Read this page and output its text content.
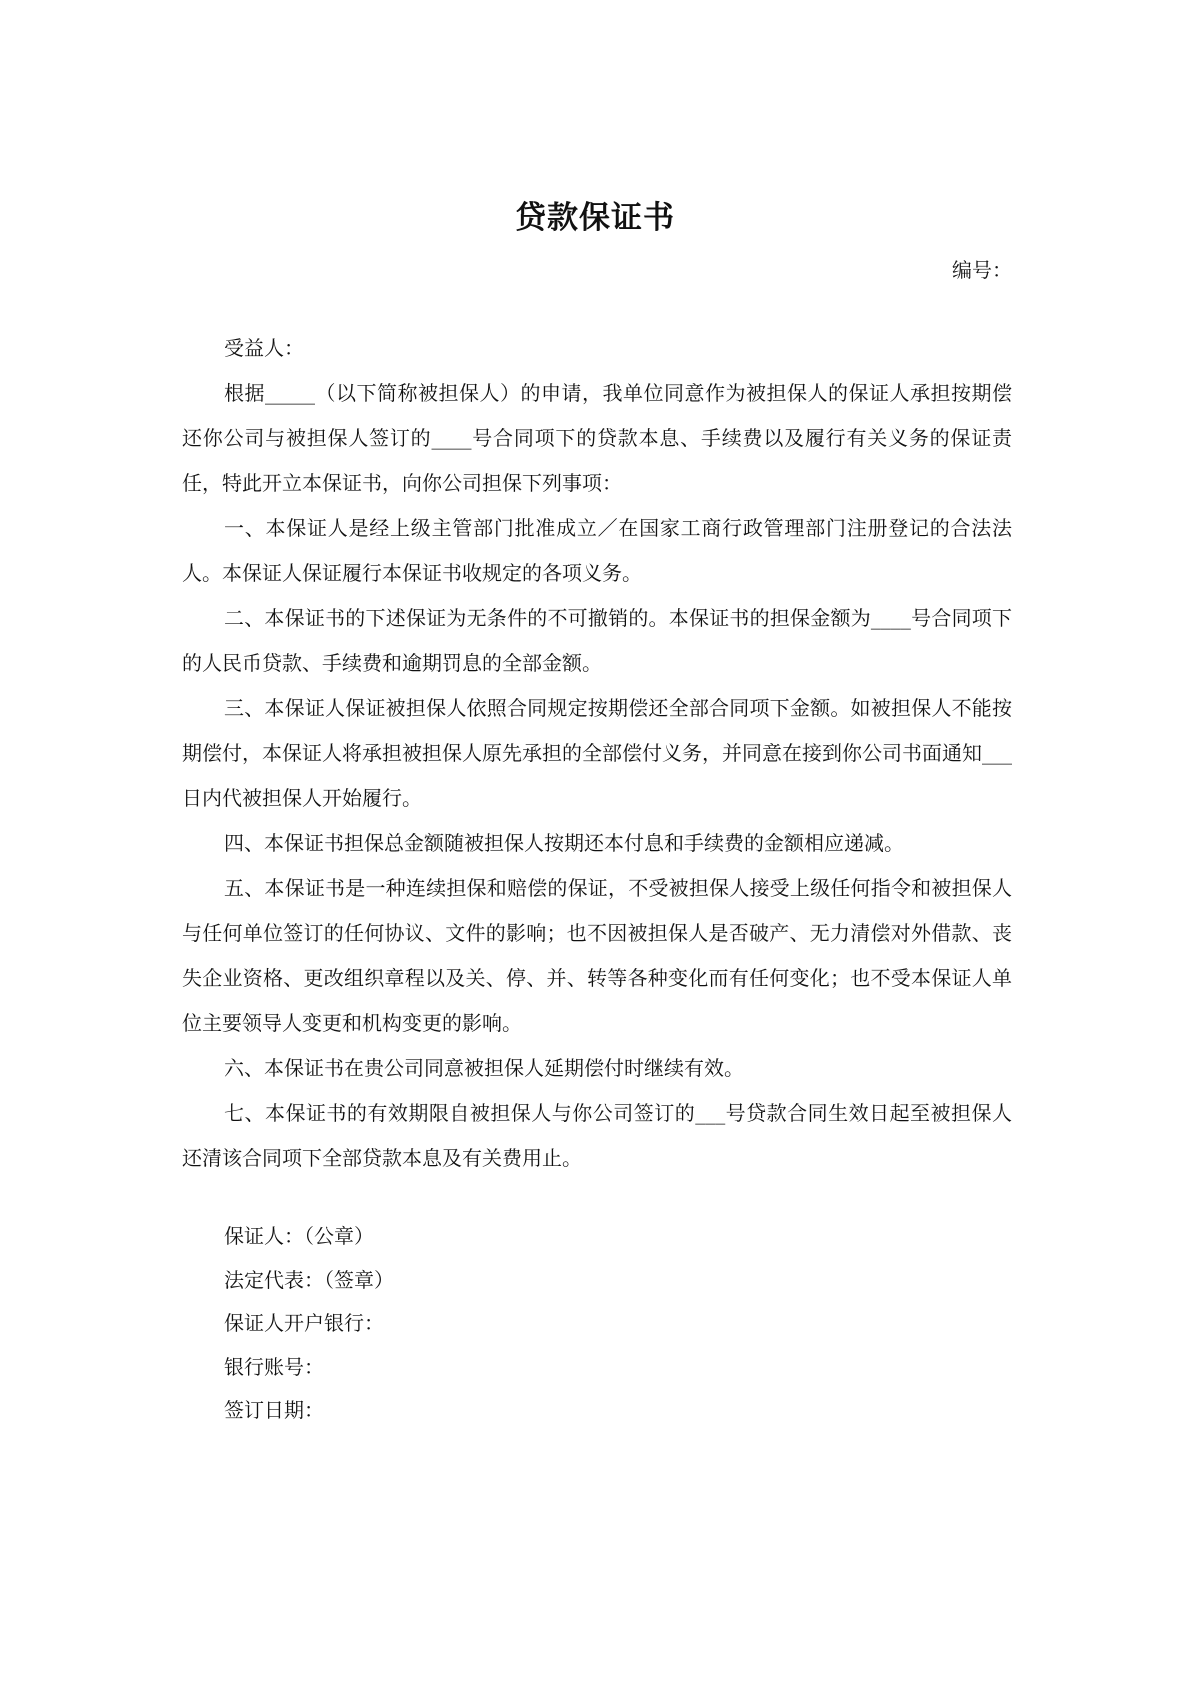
贷款保证书

编号：

受益人：

根据_____（以下简称被担保人）的申请，我单位同意作为被担保人的保证人承担按期偿还你公司与被担保人签订的____号合同项下的贷款本息、手续费以及履行有关义务的保证责任，特此开立本保证书，向你公司担保下列事项：

一、本保证人是经上级主管部门批准成立／在国家工商行政管理部门注册登记的合法法人。本保证人保证履行本保证书收规定的各项义务。

二、本保证书的下述保证为无条件的不可撤销的。本保证书的担保金额为____号合同项下的人民币贷款、手续费和逾期罚息的全部金额。

三、本保证人保证被担保人依照合同规定按期偿还全部合同项下金额。如被担保人不能按期偿付，本保证人将承担被担保人原先承担的全部偿付义务，并同意在接到你公司书面通知___日内代被担保人开始履行。

四、本保证书担保总金额随被担保人按期还本付息和手续费的金额相应递减。

五、本保证书是一种连续担保和赔偿的保证，不受被担保人接受上级任何指令和被担保人与任何单位签订的任何协议、文件的影响；也不因被担保人是否破产、无力清偿对外借款、丧失企业资格、更改组织章程以及关、停、并、转等各种变化而有任何变化；也不受本保证人单位主要领导人变更和机构变更的影响。

六、本保证书在贵公司同意被担保人延期偿付时继续有效。

七、本保证书的有效期限自被担保人与你公司签订的___号贷款合同生效日起至被担保人还清该合同项下全部贷款本息及有关费用止。

保证人：（公章）

法定代表：（签章）

保证人开户银行：

银行账号：

签订日期：
